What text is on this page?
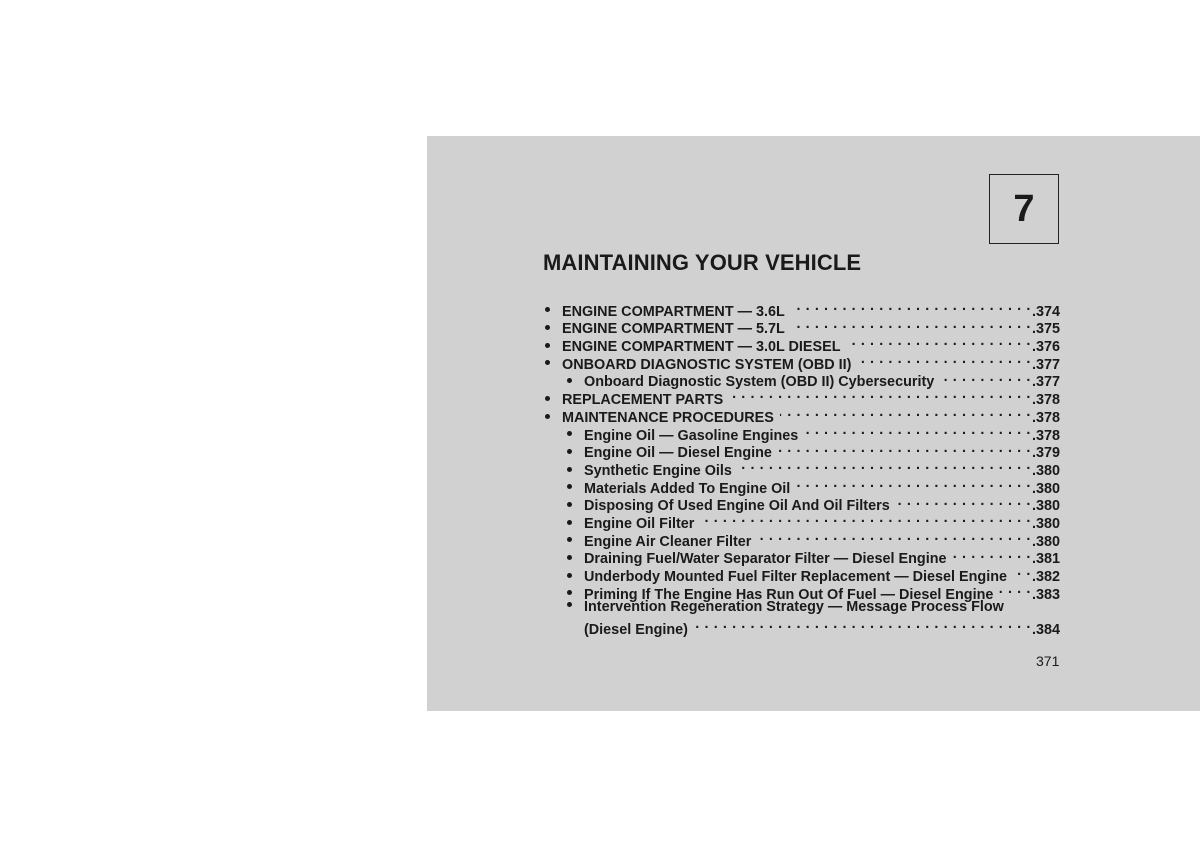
7
MAINTAINING YOUR VEHICLE
ENGINE COMPARTMENT — 3.6L . . .	.374
ENGINE COMPARTMENT — 5.7L . . .	.375
ENGINE COMPARTMENT — 3.0L DIESEL . . .	.376
ONBOARD DIAGNOSTIC SYSTEM (OBD II) . . .	.377
Onboard Diagnostic System (OBD II) Cybersecurity . . .	.377
REPLACEMENT PARTS . . .	.378
MAINTENANCE PROCEDURES . . .	.378
Engine Oil — Gasoline Engines . . .	.378
Engine Oil — Diesel Engine . . .	.379
Synthetic Engine Oils . . .	.380
Materials Added To Engine Oil . . .	.380
Disposing Of Used Engine Oil And Oil Filters . . .	.380
Engine Oil Filter . . .	.380
Engine Air Cleaner Filter . . .	.380
Draining Fuel/Water Separator Filter — Diesel Engine . . .	.381
Underbody Mounted Fuel Filter Replacement — Diesel Engine . . . .382
Priming If The Engine Has Run Out Of Fuel — Diesel Engine . . .	.383
Intervention Regeneration Strategy — Message Process Flow
(Diesel Engine) . . .	.384
371
